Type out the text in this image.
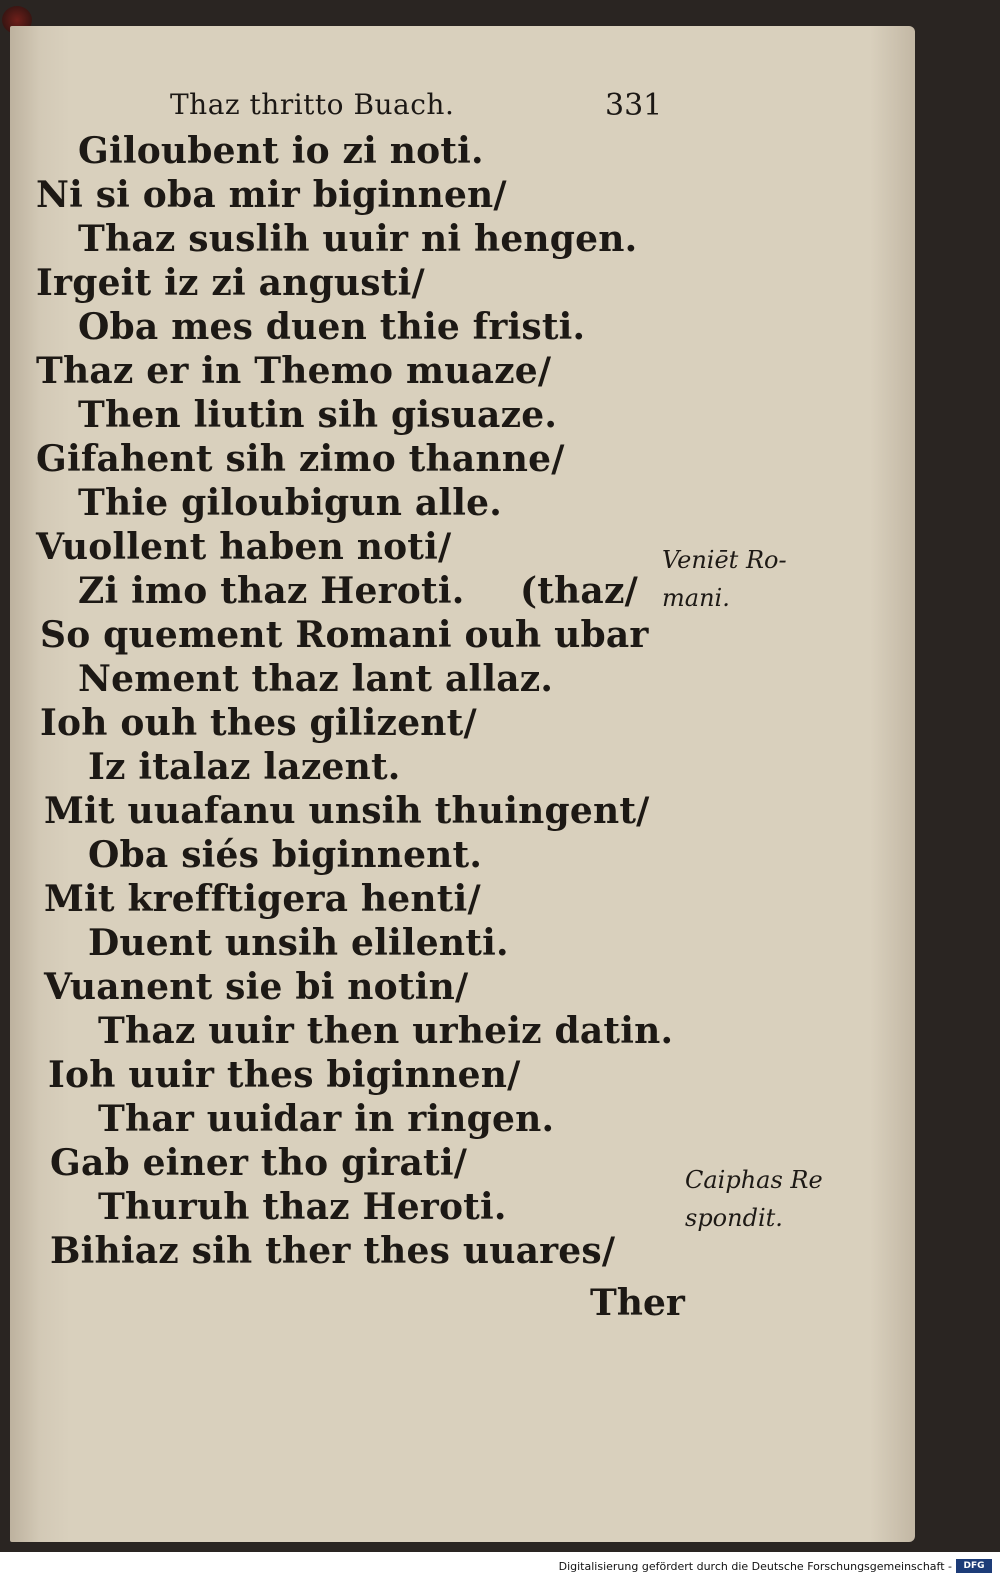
Thaz thritto Buach.	331

Giloubent io zi noti.

Ni si oba mir biginnen/

Thaz suslih uuir ni hengen.

Irgeit iz zi angusti/

Oba mes duen thie fristi.

Thaz er in Themo muaze/

Then liutin sih gisuaze.

Gifahent sih zimo thanne/

Thie giloubigun alle.

Vuollent haben noti/

Zi imo thaz Heroti.

So quement Romani ouh ubar

Nement thaz lant allaz.

Ioh ouh thes gilizent/

Iz italaz lazent.

Mit uuafanu unsih thuingent/

Oba siés biginnent.

Mit krefftigera henti/

Duent unsih elilenti.

Vuanent sie bi notin/

Thaz uuir then urheiz datin.

Ioh uuir thes biginnen/

Thar uuidar in ringen.

Gab einer tho girati/

Thuruh thaz Heroti.

Bihiaz sih ther thes uuares/

(thaz/
Veniēt Ro-
mani.
Caiphas Re
spondit.
Ther
Digitalisierung gefördert durch die Deutsche Forschungsgemeinschaft -	DFG
